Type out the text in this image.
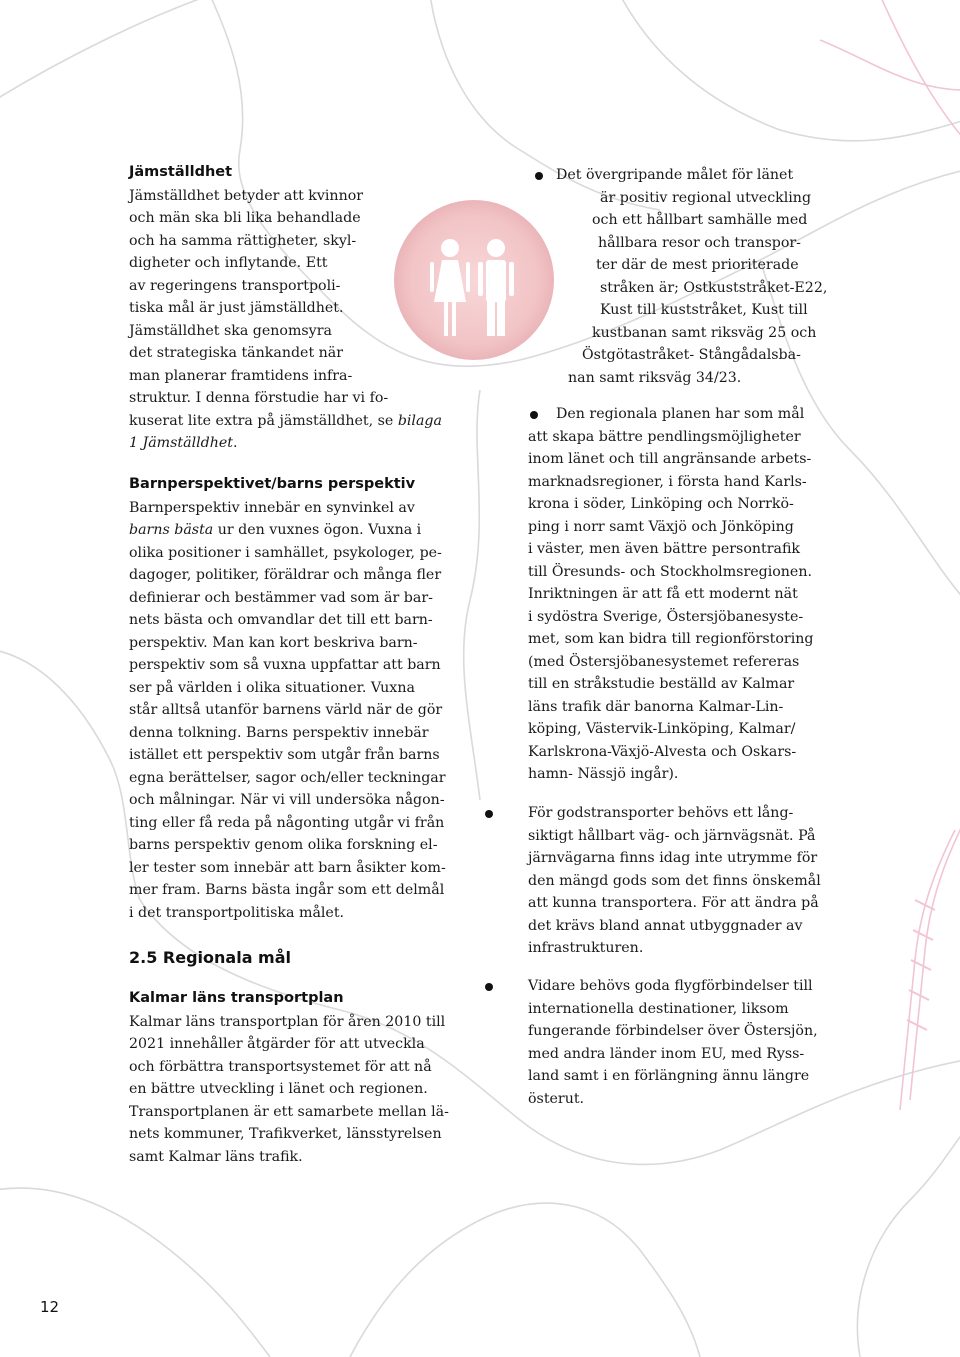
Jämställdhet
Jämställdhet betyder att kvinnor
och män ska bli lika behandlade
och ha samma rättigheter, skyl-
digheter och inflytande. Ett
av regeringens transportpoli-
tiska mål är just jämställdhet.
Jämställdhet ska genomsyra
det strategiska tänkandet när
man planerar framtidens infra-
struktur. I denna förstudie har vi fo-
kuserat lite extra på jämställdhet, se bilaga
1 Jämställdhet.
Barnperspektivet/barns perspektiv
Barnperspektiv innebär en synvinkel av
barns bästa ur den vuxnes ögon. Vuxna i
olika positioner i samhället, psykologer, pe-
dagoger, politiker, föräldrar och många fler
definierar och bestämmer vad som är bar-
nets bästa och omvandlar det till ett barn-
perspektiv. Man kan kort beskriva barn-
perspektiv som så vuxna uppfattar att barn
ser på världen i olika situationer. Vuxna
står alltså utanför barnens värld när de gör
denna tolkning. Barns perspektiv innebär
istället ett perspektiv som utgår från barns
egna berättelser, sagor och/eller teckningar
och målningar. När vi vill undersöka någon-
ting eller få reda på någonting utgår vi från
barns perspektiv genom olika forskning el-
ler tester som innebär att barn åsikter kom-
mer fram. Barns bästa ingår som ett delmål
i det transportpolitiska målet.
2.5 Regionala mål
Kalmar läns transportplan
Kalmar läns transportplan för åren 2010 till
2021 innehåller åtgärder för att utveckla
och förbättra transportsystemet för att nå
en bättre utveckling i länet och regionen.
Transportplanen är ett samarbete mellan lä-
nets kommuner, Trafikverket, länsstyrelsen
samt Kalmar läns trafik.
Det övergripande målet för länet
är positiv regional utveckling
och ett hållbart samhälle med
hållbara resor och transpor-
ter där de mest prioriterade
stråken är; Ostkuststråket-E22,
Kust till kuststråket, Kust till
kustbanan samt riksväg 25 och
Östgötastråket- Stångådalsba-
nan samt riksväg 34/23.
Den regionala planen har som mål
att skapa bättre pendlingsmöjligheter
inom länet och till angränsande arbets-
marknadsregioner, i första hand Karls-
krona i söder, Linköping och Norrkö-
ping i norr samt Växjö och Jönköping
i väster, men även bättre persontrafik
till Öresunds- och Stockholmsregionen.
Inriktningen är att få ett modernt nät
i sydöstra Sverige, Östersjöbanesyste-
met, som kan bidra till regionförstoring
(med Östersjöbanesystemet refereras
till en stråkstudie beställd av Kalmar
läns trafik där banorna Kalmar-Lin-
köping, Västervik-Linköping, Kalmar/
Karlskrona-Växjö-Alvesta och Oskars-
hamn- Nässjö ingår).
För godstransporter behövs ett lång-
siktigt hållbart väg- och järnvägsnät. På
järnvägarna finns idag inte utrymme för
den mängd gods som det finns önskemål
att kunna transportera. För att ändra på
det krävs bland annat utbyggnader av
infrastrukturen.
Vidare behövs goda flygförbindelser till
internationella destinationer, liksom
fungerande förbindelser över Östersjön,
med andra länder inom EU, med Ryss-
land samt i en förlängning ännu längre
österut.
12
